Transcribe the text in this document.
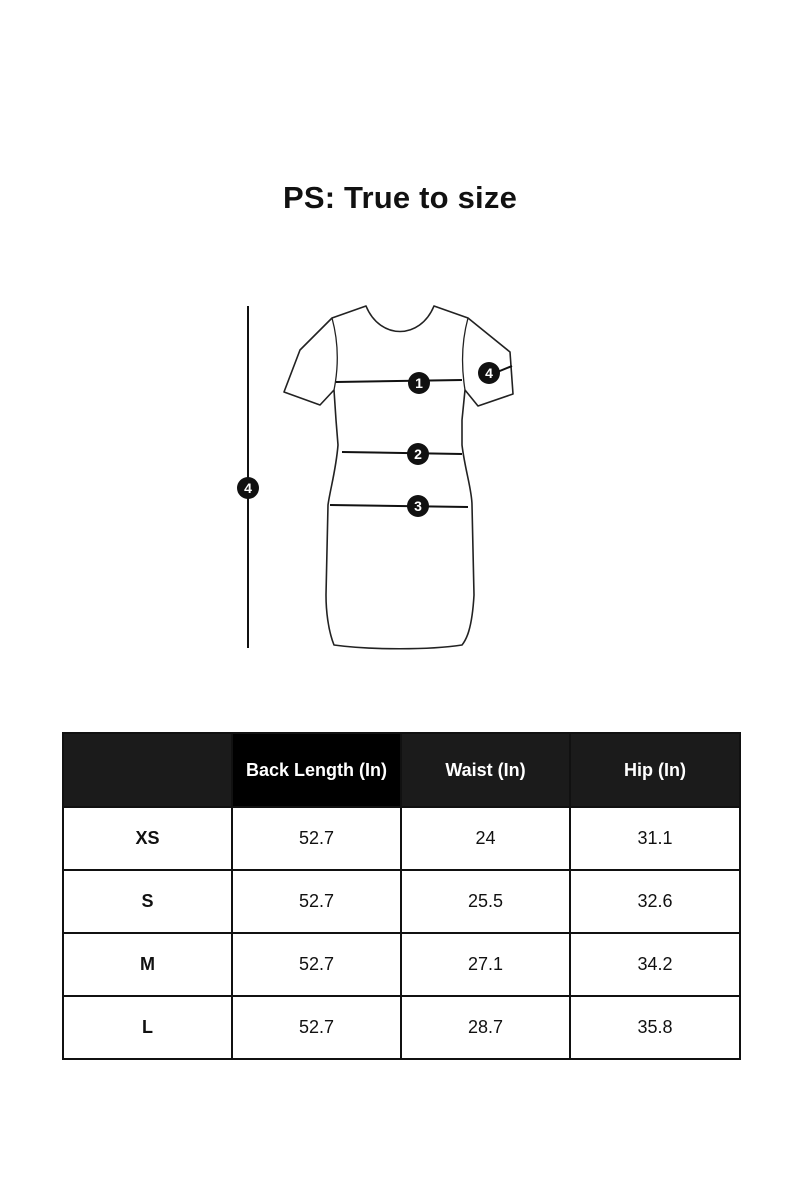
PS: True to size
1
2
3
4
4
	Back Length (In)	Waist (In)	Hip (In)
XS	52.7	24	31.1
S	52.7	25.5	32.6
M	52.7	27.1	34.2
L	52.7	28.7	35.8
